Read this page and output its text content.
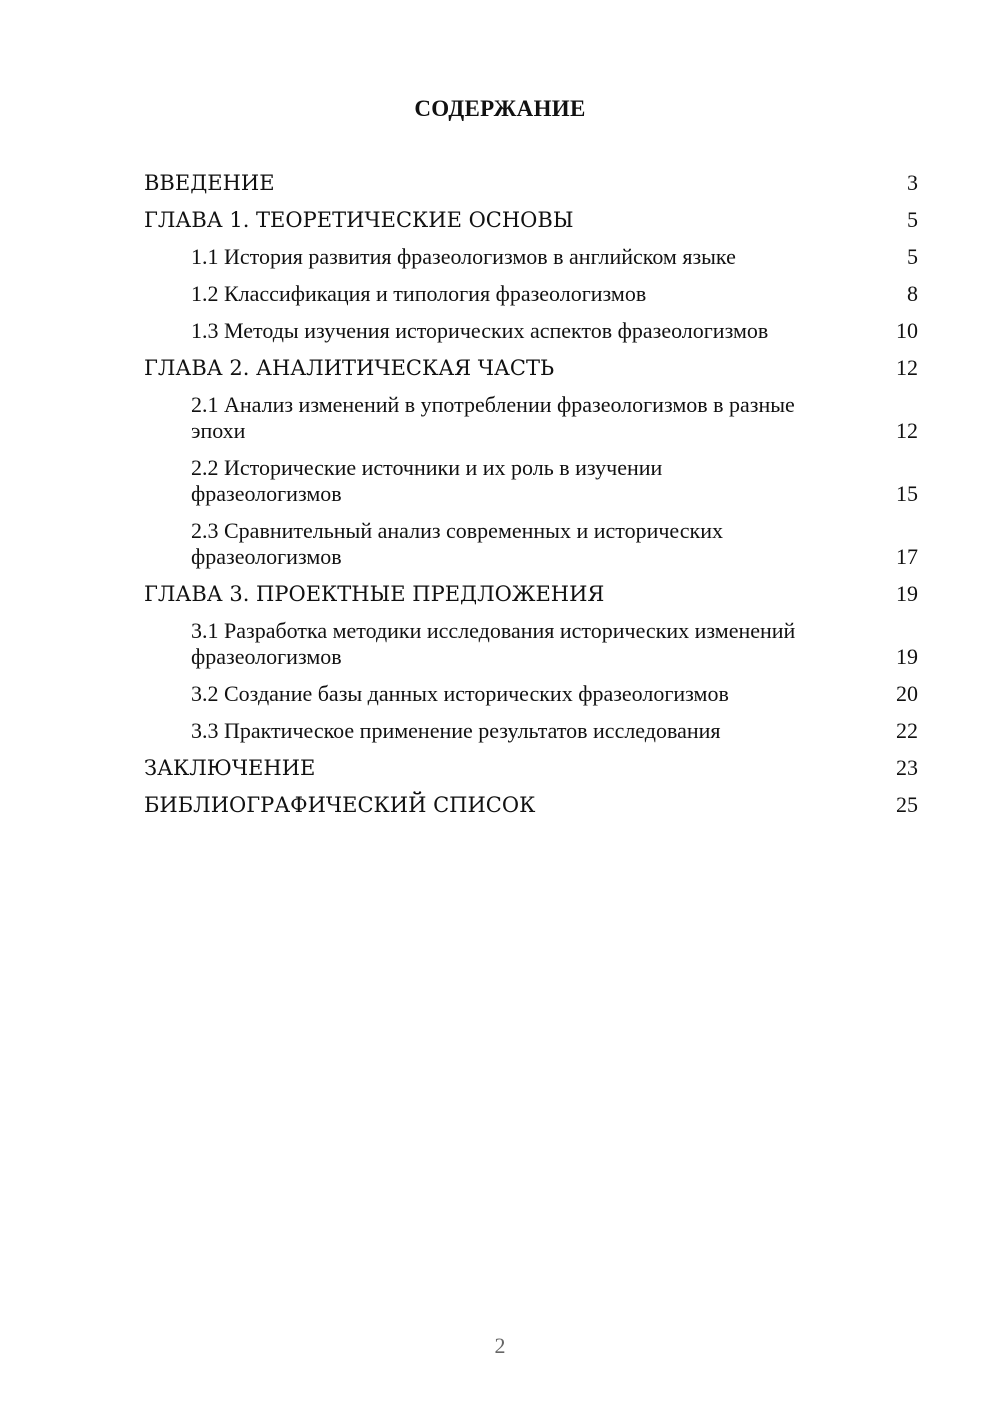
СОДЕРЖАНИЕ
ВВЕДЕНИЕ	3
ГЛАВА 1. ТЕОРЕТИЧЕСКИЕ ОСНОВЫ	5
1.1 История развития фразеологизмов в английском языке	5
1.2 Классификация и типология фразеологизмов	8
1.3 Методы изучения исторических аспектов фразеологизмов	10
ГЛАВА 2. АНАЛИТИЧЕСКАЯ ЧАСТЬ	12
2.1 Анализ изменений в употреблении фразеологизмов в разные эпохи	12
2.2 Исторические источники и их роль в изучении фразеологизмов	15
2.3 Сравнительный анализ современных и исторических фразеологизмов	17
ГЛАВА 3. ПРОЕКТНЫЕ ПРЕДЛОЖЕНИЯ	19
3.1 Разработка методики исследования исторических изменений фразеологизмов	19
3.2 Создание базы данных исторических фразеологизмов	20
3.3 Практическое применение результатов исследования	22
ЗАКЛЮЧЕНИЕ	23
БИБЛИОГРАФИЧЕСКИЙ СПИСОК	25
2
